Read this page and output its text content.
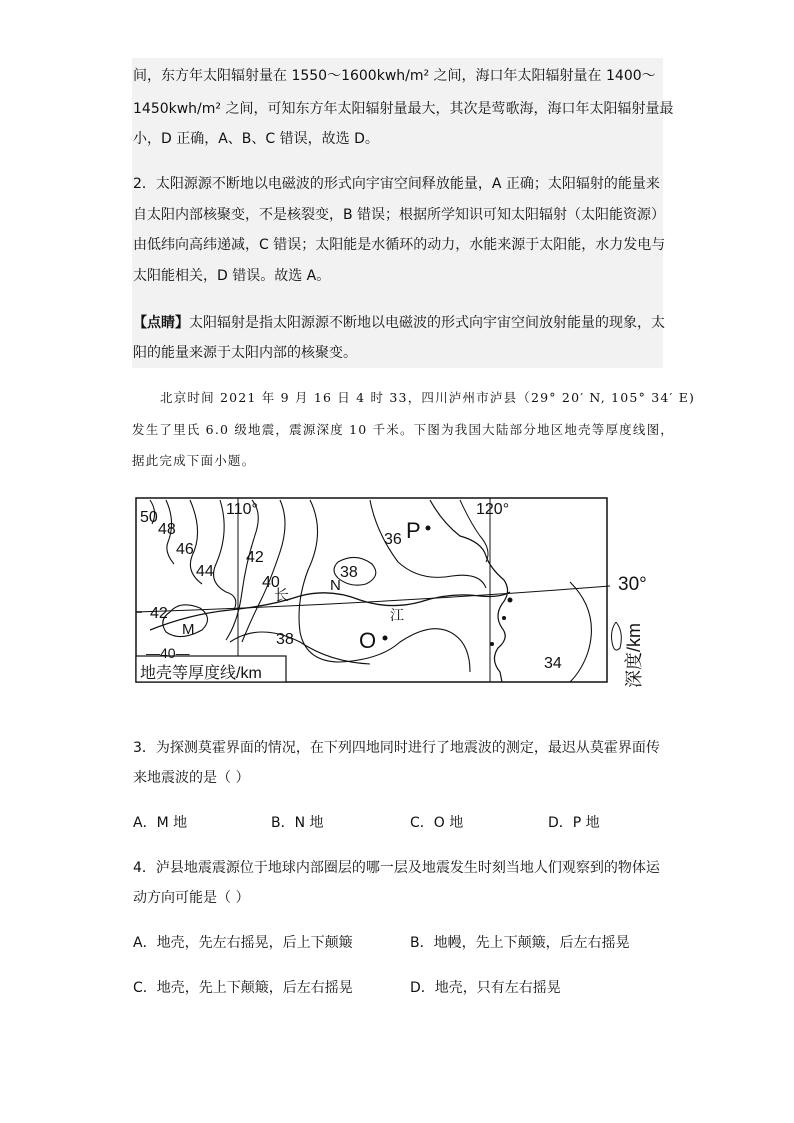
间，东方年太阳辐射量在 1550～1600kwh/m² 之间，海口年太阳辐射量在 1400～
1450kwh/m² 之间，可知东方年太阳辐射量最大，其次是莺歌海，海口年太阳辐射量最
小，D 正确，A、B、C 错误，故选 D。
2．太阳源源不断地以电磁波的形式向宇宙空间释放能量，A 正确；太阳辐射的能量来
自太阳内部核聚变，不是核裂变，B 错误；根据所学知识可知太阳辐射（太阳能资源）
由低纬向高纬递减，C 错误；太阳能是水循环的动力，水能来源于太阳能，水力发电与
太阳能相关，D 错误。故选 A。
【点睛】太阳辐射是指太阳源源不断地以电磁波的形式向宇宙空间放射能量的现象，太
阳的能量来源于太阳内部的核聚变。
北京时间 2021 年 9 月 16 日 4 时 33，四川泸州市泸县（29° 20′ N, 105° 34′ E)
发生了里氏 6.0 级地震，震源深度 10 千米。下图为我国大陆部分地区地壳等厚度线图，
据此完成下面小题。
50
48
46
44
42
42
40
38
38
36
34
110°	120°
30°
M
N
O
P
长
江
—40—
地壳等厚度线/km	深度/km
3．为探测莫霍界面的情况，在下列四地同时进行了地震波的测定，最迟从莫霍界面传
来地震波的是（ ）
A．M 地	B．N 地	C．O 地	D．P 地
4．泸县地震震源位于地球内部圈层的哪一层及地震发生时刻当地人们观察到的物体运
动方向可能是（ ）
A．地壳，先左右摇晃，后上下颠簸	B．地幔，先上下颠簸，后左右摇晃
C．地壳，先上下颠簸，后左右摇晃	D．地壳，只有左右摇晃
